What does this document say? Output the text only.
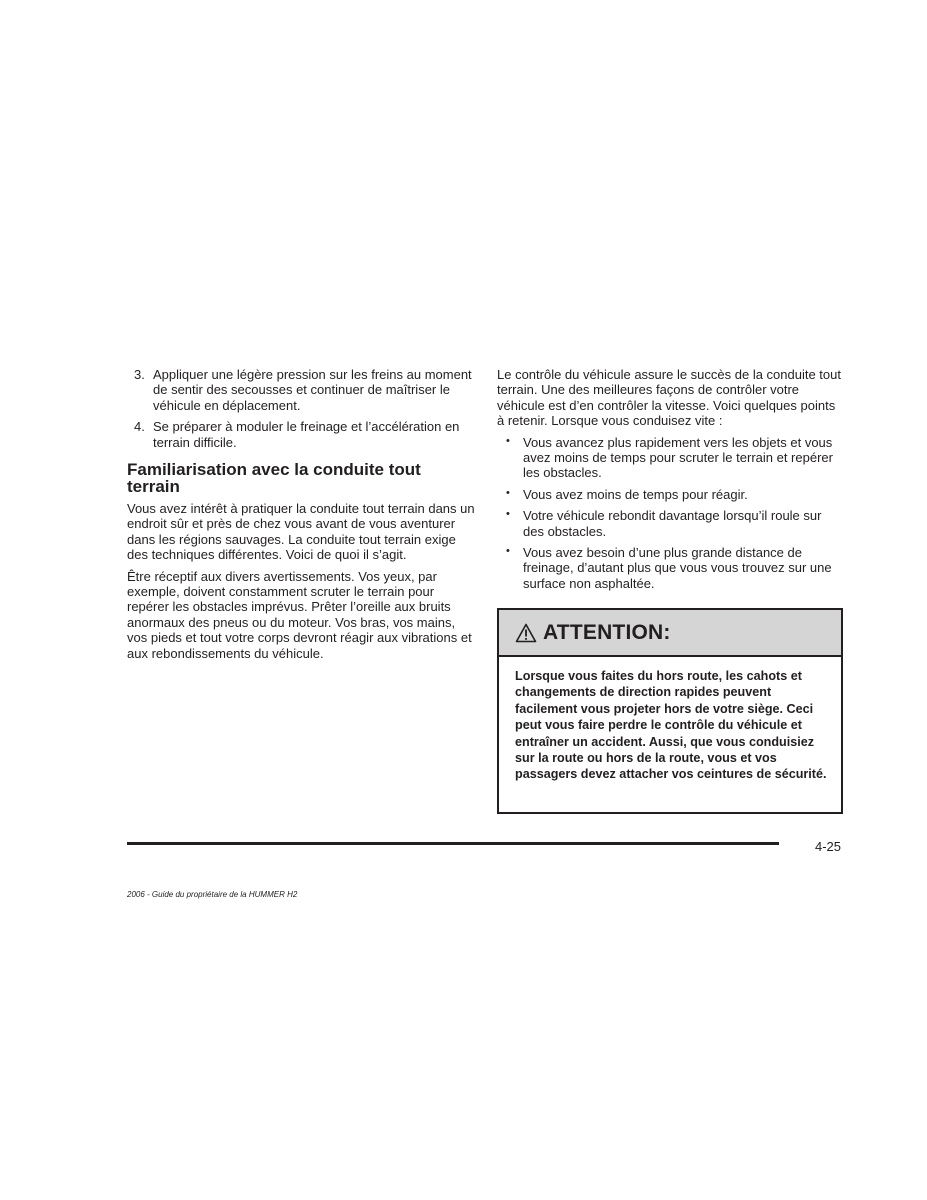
3. Appliquer une légère pression sur les freins au moment de sentir des secousses et continuer de maîtriser le véhicule en déplacement.
4. Se préparer à moduler le freinage et l’accélération en terrain difficile.
Familiarisation avec la conduite tout terrain

Vous avez intérêt à pratiquer la conduite tout terrain dans un endroit sûr et près de chez vous avant de vous aventurer dans les régions sauvages. La conduite tout terrain exige des techniques différentes. Voici de quoi il s’agit.

Être réceptif aux divers avertissements. Vos yeux, par exemple, doivent constamment scruter le terrain pour repérer les obstacles imprévus. Prêter l’oreille aux bruits anormaux des pneus ou du moteur. Vos bras, vos mains, vos pieds et tout votre corps devront réagir aux vibrations et aux rebondissements du véhicule.

Le contrôle du véhicule assure le succès de la conduite tout terrain. Une des meilleures façons de contrôler votre véhicule est d’en contrôler la vitesse. Voici quelques points à retenir. Lorsque vous conduisez vite :

• Vous avancez plus rapidement vers les objets et vous avez moins de temps pour scruter le terrain et repérer les obstacles.
• Vous avez moins de temps pour réagir.
• Votre véhicule rebondit davantage lorsqu’il roule sur des obstacles.
• Vous avez besoin d’une plus grande distance de freinage, d’autant plus que vous vous trouvez sur une surface non asphaltée.
ATTENTION:
Lorsque vous faites du hors route, les cahots et changements de direction rapides peuvent facilement vous projeter hors de votre siège. Ceci peut vous faire perdre le contrôle du véhicule et entraîner un accident. Aussi, que vous conduisiez sur la route ou hors de la route, vous et vos passagers devez attacher vos ceintures de sécurité.
4-25
2006 - Guide du propriétaire de la HUMMER H2
